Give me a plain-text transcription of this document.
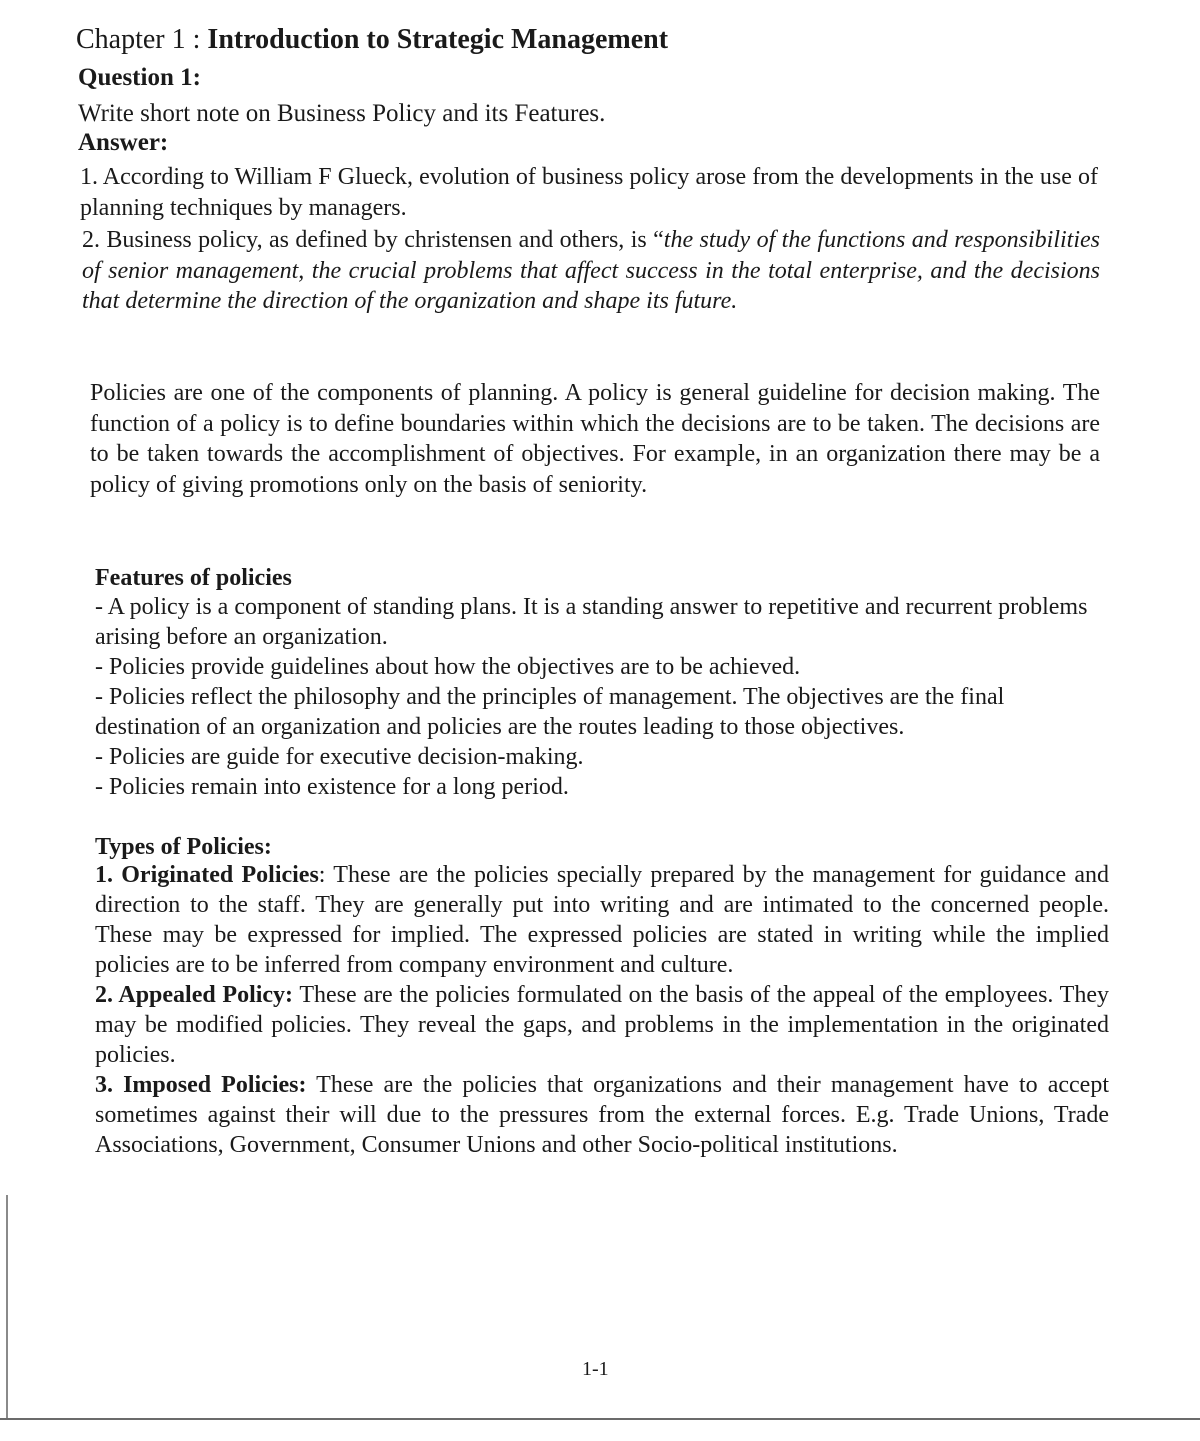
Chapter 1 : Introduction to Strategic Management
Question 1:
Write short note on Business Policy and its Features.
Answer:
1. According to William F Glueck, evolution of business policy arose from the developments in the use of planning techniques by managers.
2. Business policy, as defined by christensen and others, is “the study of the functions and responsibilities of senior management, the crucial problems that affect success in the total enterprise, and the decisions that determine the direction of the organization and shape its future.
Policies are one of the components of planning. A policy is general guideline for decision making. The function of a policy is to define boundaries within which the decisions are to be taken. The decisions are to be taken towards the accomplishment of objectives. For example, in an organization there may be a policy of giving promotions only on the basis of seniority.
Features of policies
- A policy is a component of standing plans. It is a standing answer to repetitive and recurrent problems arising before an organization.
- Policies provide guidelines about how the objectives are to be achieved.
- Policies reflect the philosophy and the principles of management. The objectives are the final destination of an organization and policies are the routes leading to those objectives.
- Policies are guide for executive decision-making.
- Policies remain into existence for a long period.
Types of Policies:
1. Originated Policies: These are the policies specially prepared by the management for guidance and direction to the staff. They are generally put into writing and are intimated to the concerned people. These may be expressed for implied. The expressed policies are stated in writing while the implied policies are to be inferred from company environment and culture.
2. Appealed Policy: These are the policies formulated on the basis of the appeal of the employees. They may be modified policies. They reveal the gaps, and problems in the implementation in the originated policies.
3. Imposed Policies: These are the policies that organizations and their management have to accept sometimes against their will due to the pressures from the external forces. E.g. Trade Unions, Trade Associations, Government, Consumer Unions and other Socio-political institutions.
1-1
